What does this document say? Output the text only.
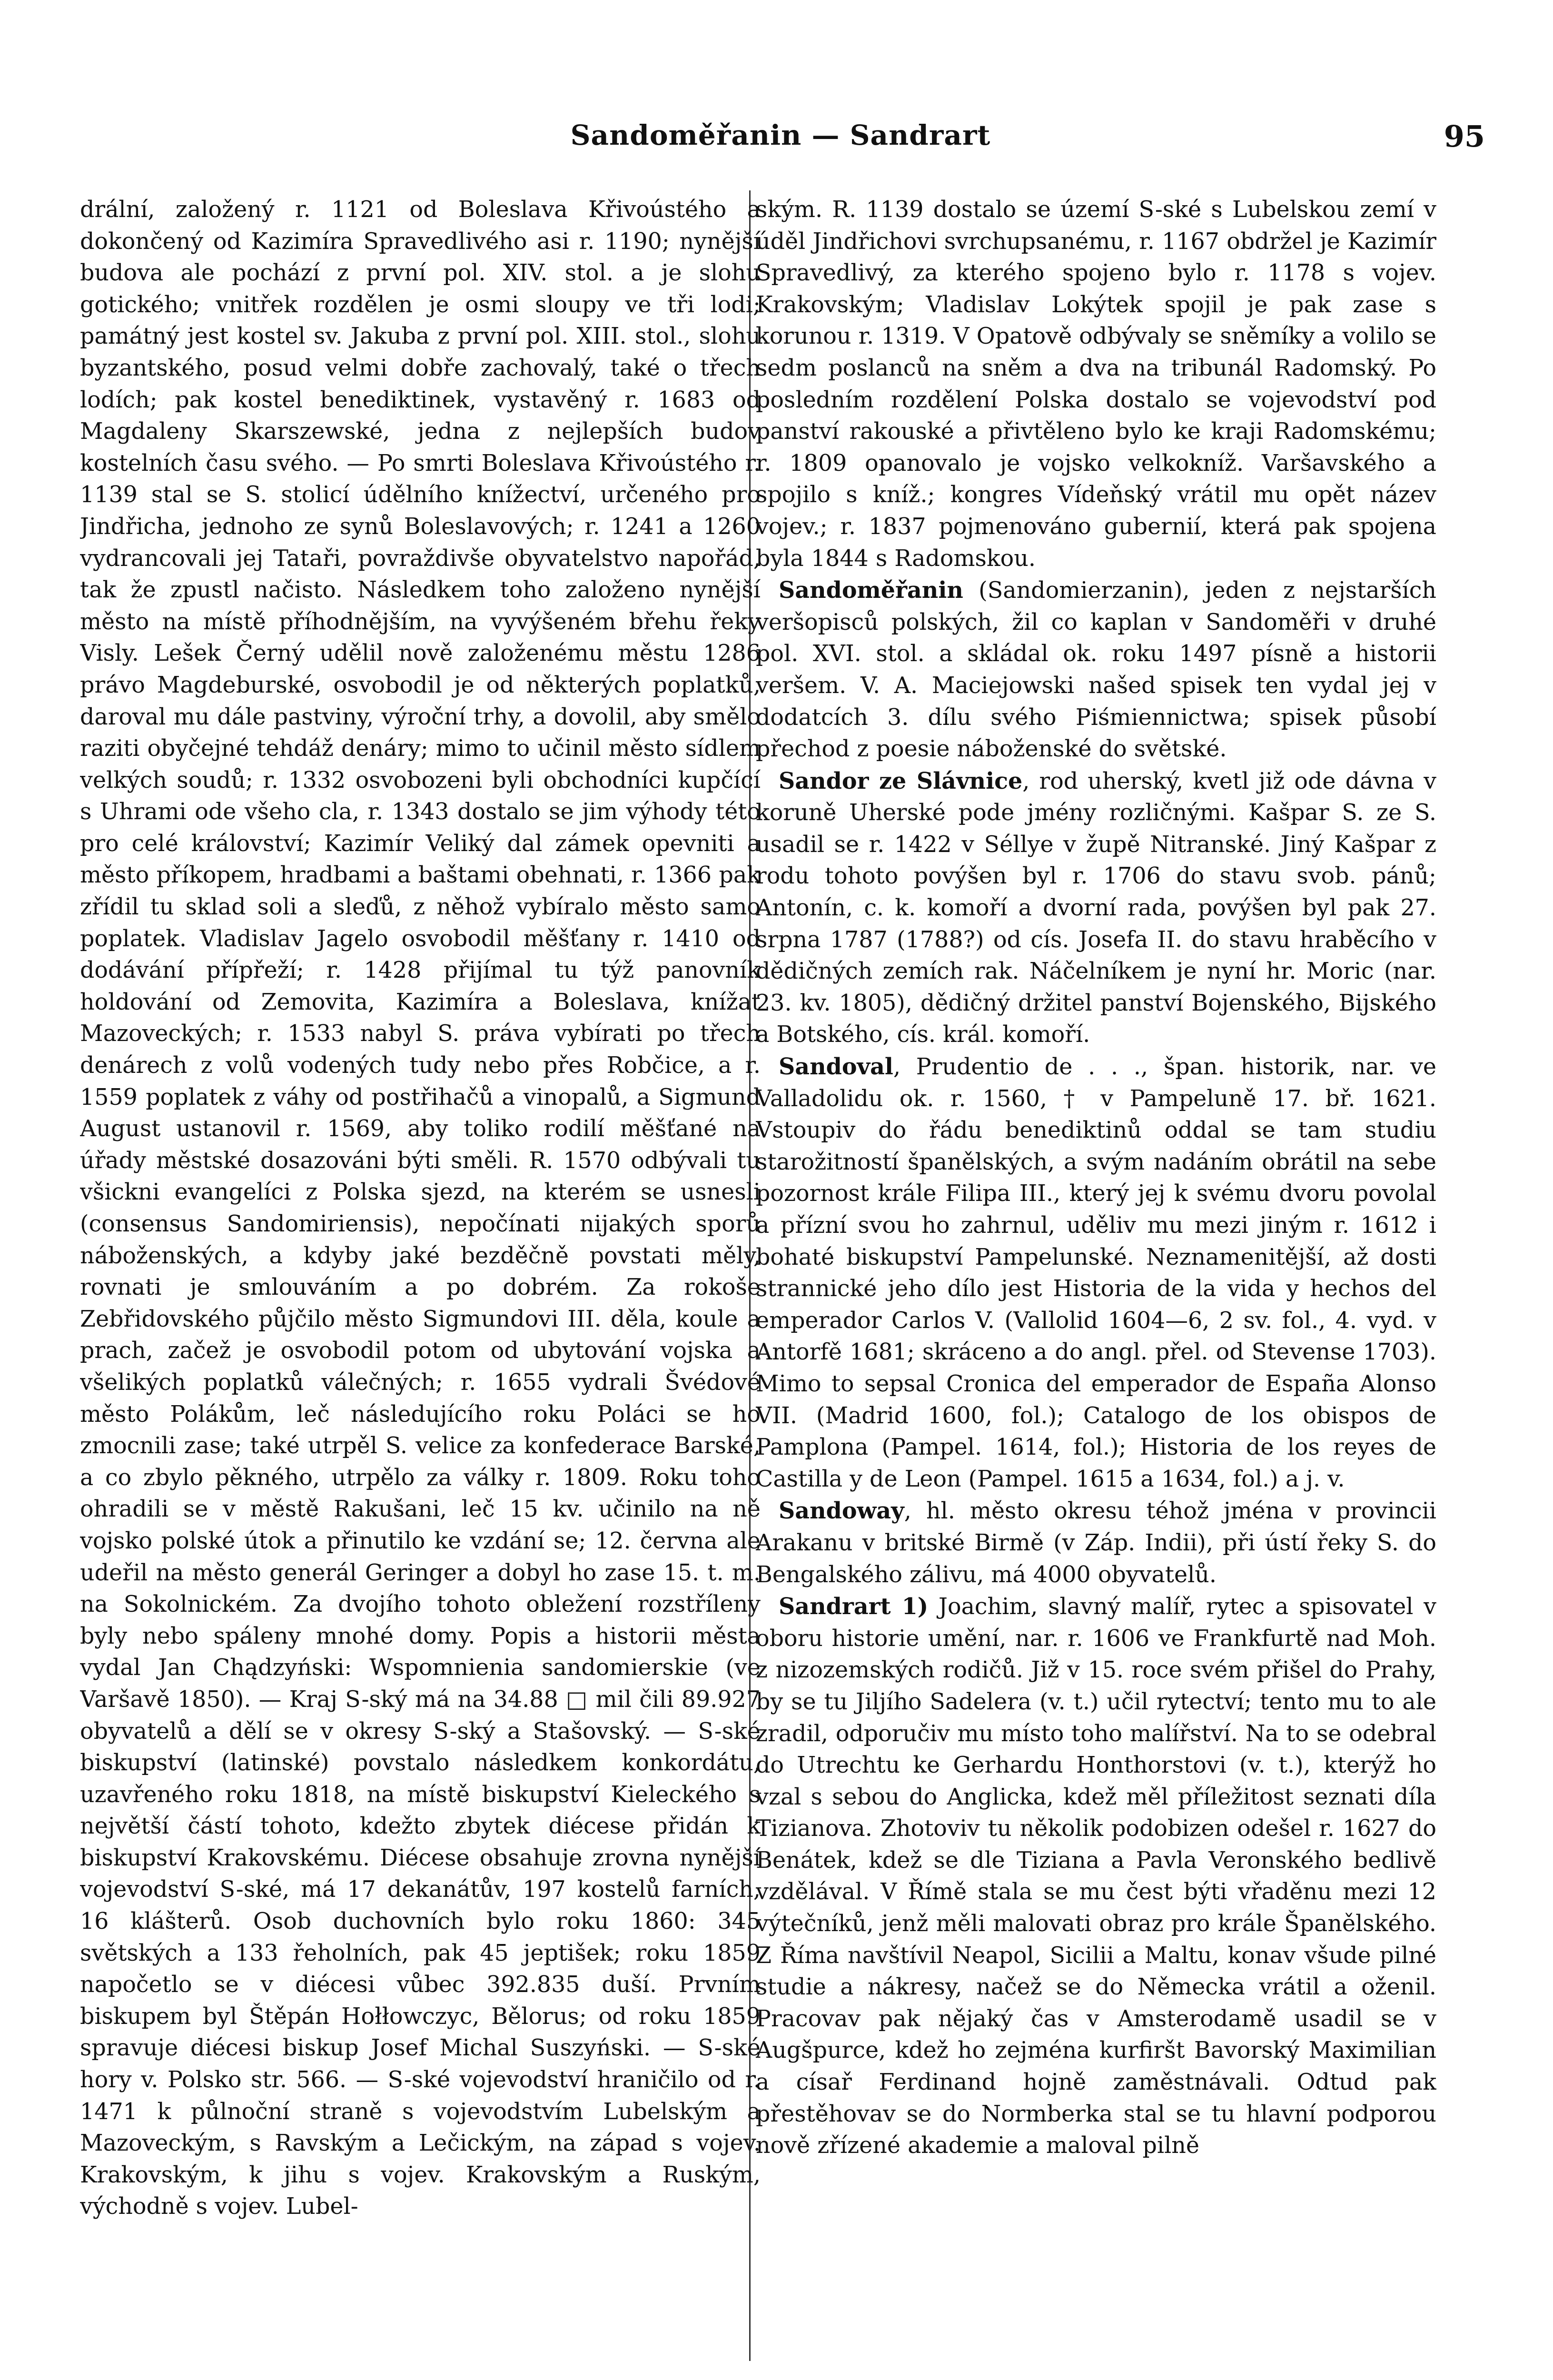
Sandoměřanin — Sandrart	95

drální, založený r. 1121 od Boleslava Křivoústého a dokončený od Kazimíra Spravedlivého asi r. 1190; nynější budova ale pochází z první pol. XIV. stol. a je slohu gotického; vnitřek rozdělen je osmi sloupy ve tři lodi; památný jest kostel sv. Jakuba z první pol. XIII. stol., slohu byzantského, posud velmi dobře zachovalý, také o třech lodích; pak kostel benediktinek, vystavěný r. 1683 od Magdaleny Skarszewské, jedna z nejlepších budov kostelních času svého. — Po smrti Boleslava Křivoústého r. 1139 stal se S. stolicí údělního knížectví, určeného pro Jindřicha, jednoho ze synů Boleslavových; r. 1241 a 1260 vydrancovali jej Tataři, povraždivše obyvatelstvo napořád, tak že zpustl načisto. Následkem toho založeno nynější město na místě příhodnějším, na vyvýšeném břehu řeky Visly. Lešek Černý udělil nově založenému městu 1286 právo Magdeburské, osvobodil je od některých poplatků, daroval mu dále pastviny, výroční trhy, a dovolil, aby smělo raziti obyčejné tehdáž denáry; mimo to učinil město sídlem velkých soudů; r. 1332 osvobozeni byli obchodníci kupčící s Uhrami ode všeho cla, r. 1343 dostalo se jim výhody této pro celé království; Kazimír Veliký dal zámek opevniti a město příkopem, hradbami a baštami obehnati, r. 1366 pak zřídil tu sklad soli a sleďů, z něhož vybíralo město samo poplatek. Vladislav Jagelo osvobodil měšťany r. 1410 od dodávání přípřeží; r. 1428 přijímal tu týž panovník holdování od Zemovita, Kazimíra a Boleslava, knížat Mazoveckých; r. 1533 nabyl S. práva vybírati po třech denárech z volů vodených tudy nebo přes Robčice, a r. 1559 poplatek z váhy od postřihačů a vinopalů, a Sigmund August ustanovil r. 1569, aby toliko rodilí měšťané na úřady městské dosazováni býti směli. R. 1570 odbývali tu všickni evangelíci z Polska sjezd, na kterém se usnesli (consensus Sandomiriensis), nepočínati nijakých sporů náboženských, a kdyby jaké bezděčně povstati měly, rovnati je smlouváním a po dobrém. Za rokoše Zebřidovského půjčilo město Sigmundovi III. děla, koule a prach, začež je osvobodil potom od ubytování vojska a všelikých poplatků válečných; r. 1655 vydrali Švédové město Polákům, leč následujícího roku Poláci se ho zmocnili zase; také utrpěl S. velice za konfederace Barské, a co zbylo pěkného, utrpělo za války r. 1809. Roku toho ohradili se v městě Rakušani, leč 15 kv. učinilo na ně vojsko polské útok a přinutilo ke vzdání se; 12. června ale udeřil na město generál Geringer a dobyl ho zase 15. t. m. na Sokolnickém. Za dvojího tohoto obležení rozstříleny byly nebo spáleny mnohé domy. Popis a historii města vydal Jan Chądzyński: Wspomnienia sandomierskie (ve Varšavě 1850). — Kraj S-ský má na 34.88 □ mil čili 89.927 obyvatelů a dělí se v okresy S-ský a Stašovský. — S-ské biskupství (latinské) povstalo následkem konkordátu, uzavřeného roku 1818, na místě biskupství Kieleckého s největší částí tohoto, kdežto zbytek diécese přidán k biskupství Krakovskému. Diécese obsahuje zrovna nynější vojevodství S-ské, má 17 dekanátův, 197 kostelů farních, 16 klášterů. Osob duchovních bylo roku 1860: 345 světských a 133 řeholních, pak 45 jeptišek; roku 1859 napočetlo se v diécesi vůbec 392.835 duší. Prvním biskupem byl Štěpán Hołłowczyc, Bělorus; od roku 1859 spravuje diécesi biskup Josef Michal Suszyński. — S-ské hory v. Polsko str. 566. — S-ské vojevodství hraničilo od r. 1471 k půlnoční straně s vojevodstvím Lubelským a Mazoveckým, s Ravským a Lečickým, na západ s vojev. Krakovským, k jihu s vojev. Krakovským a Ruským, východně s vojev. Lubel-

ským. R. 1139 dostalo se území S-ské s Lubelskou zemí v úděl Jindřichovi svrchupsanému, r. 1167 obdržel je Kazimír Spravedlivý, za kterého spojeno bylo r. 1178 s vojev. Krakovským; Vladislav Lokýtek spojil je pak zase s korunou r. 1319. V Opatově odbývaly se sněmíky a volilo se sedm poslanců na sněm a dva na tribunál Radomský. Po posledním rozdělení Polska dostalo se vojevodství pod panství rakouské a přivtěleno bylo ke kraji Radomskému; r. 1809 opanovalo je vojsko velkokníž. Varšavského a spojilo s kníž.; kongres Vídeňský vrátil mu opět název vojev.; r. 1837 pojmenováno gubernií, která pak spojena byla 1844 s Radomskou.

Sandoměřanin (Sandomierzanin), jeden z nejstarších veršopisců polských, žil co kaplan v Sandoměři v druhé pol. XVI. stol. a skládal ok. roku 1497 písně a historii veršem. V. A. Maciejowski našed spisek ten vydal jej v dodatcích 3. dílu svého Piśmiennictwa; spisek působí přechod z poesie náboženské do světské.

Sandor ze Slávnice, rod uherský, kvetl již ode dávna v koruně Uherské pode jmény rozličnými. Kašpar S. ze S. usadil se r. 1422 v Séllye v župě Nitranské. Jiný Kašpar z rodu tohoto povýšen byl r. 1706 do stavu svob. pánů; Antonín, c. k. komoří a dvorní rada, povýšen byl pak 27. srpna 1787 (1788?) od cís. Josefa II. do stavu hraběcího v dědičných zemích rak. Náčelníkem je nyní hr. Moric (nar. 23. kv. 1805), dědičný držitel panství Bojenského, Bijského a Botského, cís. král. komoří.

Sandoval, Prudentio de . . ., špan. historik, nar. ve Valladolidu ok. r. 1560, † v Pampeluně 17. bř. 1621. Vstoupiv do řádu benediktinů oddal se tam studiu starožitností španělských, a svým nadáním obrátil na sebe pozornost krále Filipa III., který jej k svému dvoru povolal a přízní svou ho zahrnul, uděliv mu mezi jiným r. 1612 i bohaté biskupství Pampelunské. Neznamenitější, až dosti strannické jeho dílo jest Historia de la vida y hechos del emperador Carlos V. (Vallolid 1604—6, 2 sv. fol., 4. vyd. v Antorfě 1681; skráceno a do angl. přel. od Stevense 1703). Mimo to sepsal Cronica del emperador de España Alonso VII. (Madrid 1600, fol.); Catalogo de los obispos de Pamplona (Pampel. 1614, fol.); Historia de los reyes de Castilla y de Leon (Pampel. 1615 a 1634, fol.) a j. v.

Sandoway, hl. město okresu téhož jména v provincii Arakanu v britské Birmě (v Záp. Indii), při ústí řeky S. do Bengalského zálivu, má 4000 obyvatelů.

Sandrart 1) Joachim, slavný malíř, rytec a spisovatel v oboru historie umění, nar. r. 1606 ve Frankfurtě nad Moh. z nizozemských rodičů. Již v 15. roce svém přišel do Prahy, by se tu Jiljího Sadelera (v. t.) učil rytectví; tento mu to ale zradil, odporučiv mu místo toho malířství. Na to se odebral do Utrechtu ke Gerhardu Honthorstovi (v. t.), kterýž ho vzal s sebou do Anglicka, kdež měl příležitost seznati díla Tizianova. Zhotoviv tu několik podobizen odešel r. 1627 do Benátek, kdež se dle Tiziana a Pavla Veronského bedlivě vzdělával. V Římě stala se mu čest býti vřaděnu mezi 12 výtečníků, jenž měli malovati obraz pro krále Španělského. Z Říma navštívil Neapol, Sicilii a Maltu, konav všude pilné studie a nákresy, načež se do Německa vrátil a oženil. Pracovav pak nějaký čas v Amsterodamě usadil se v Augšpurce, kdež ho zejména kurfiršt Bavorský Maximilian a císař Ferdinand hojně zaměstnávali. Odtud pak přestěhovav se do Normberka stal se tu hlavní podporou nově zřízené akademie a maloval pilně
